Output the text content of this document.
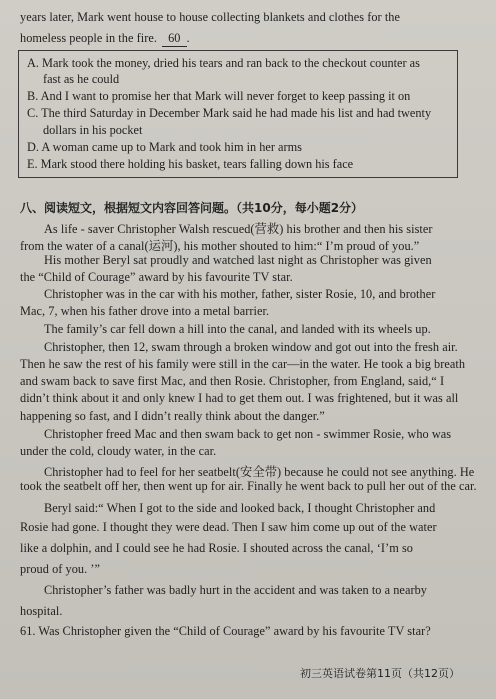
years later, Mark went house to house collecting blankets and clothes for the
homeless people in the fire. 60 .
A. Mark took the money, dried his tears and ran back to the checkout counter as
fast as he could
B. And I want to promise her that Mark will never forget to keep passing it on
C. The third Saturday in December Mark said he had made his list and had twenty
dollars in his pocket
D. A woman came up to Mark and took him in her arms
E. Mark stood there holding his basket, tears falling down his face
八、阅读短文，根据短文内容回答问题。（共10分，每小题2分）
As life - saver Christopher Walsh rescued(营救) his brother and then his sister
from the water of a canal(运河), his mother shouted to him:“ I’m proud of you.”
His mother Beryl sat proudly and watched last night as Christopher was given
the “Child of Courage” award by his favourite TV star.
Christopher was in the car with his mother, father, sister Rosie, 10, and brother
Mac, 7, when his father drove into a metal barrier.
The family’s car fell down a hill into the canal, and landed with its wheels up.
Christopher, then 12, swam through a broken window and got out into the fresh air.
Then he saw the rest of his family were still in the car—in the water. He took a big breath
and swam back to save first Mac, and then Rosie. Christopher, from England, said,“ I
didn’t think about it and only knew I had to get them out. I was frightened, but it was all
happening so fast, and I didn’t really think about the danger.”
Christopher freed Mac and then swam back to get non - swimmer Rosie, who was
under the cold, cloudy water, in the car.
Christopher had to feel for her seatbelt(安全带) because he could not see anything. He
took the seatbelt off her, then went up for air. Finally he went back to pull her out of the car.
Beryl said:“ When I got to the side and looked back, I thought Christopher and
Rosie had gone. I thought they were dead. Then I saw him come up out of the water
like a dolphin, and I could see he had Rosie. I shouted across the canal, ‘I’m so
proud of you. ’”
Christopher’s father was badly hurt in the accident and was taken to a nearby
hospital.
61. Was Christopher given the “Child of Courage” award by his favourite TV star?
初三英语试卷第11页（共12页）
